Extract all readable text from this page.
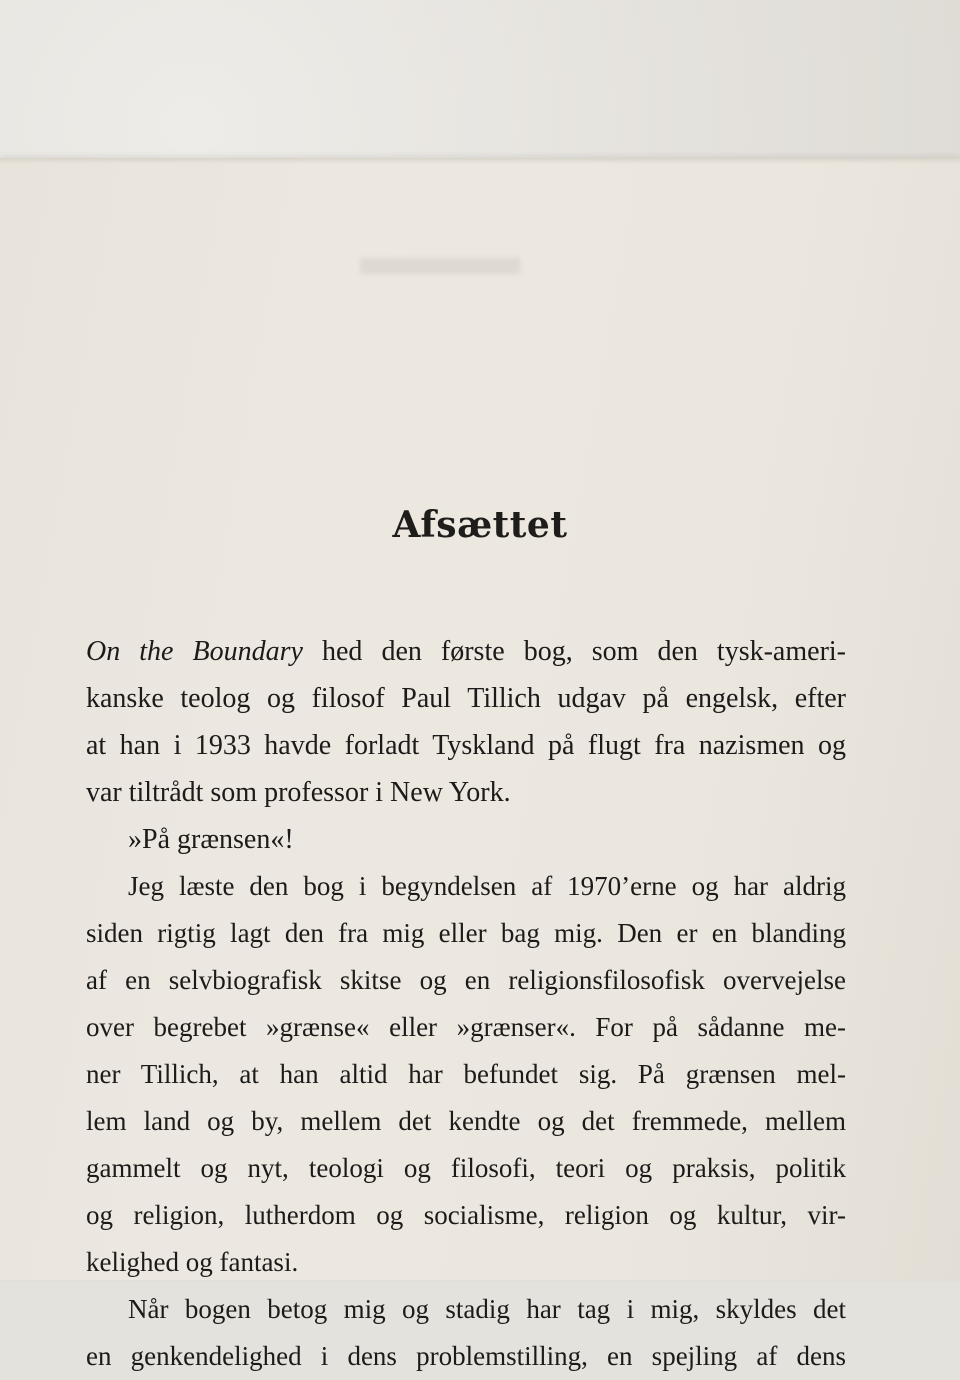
Afsættet
On the Boundary hed den første bog, som den tysk-ameri-
kanske teolog og filosof Paul Tillich udgav på engelsk, efter
at han i 1933 havde forladt Tyskland på flugt fra nazismen og
var tiltrådt som professor i New York.
»På grænsen«!
Jeg læste den bog i begyndelsen af 1970’erne og har aldrig
siden rigtig lagt den fra mig eller bag mig. Den er en blanding
af en selvbiografisk skitse og en religionsfilosofisk overvejelse
over begrebet »grænse« eller »grænser«. For på sådanne me-
ner Tillich, at han altid har befundet sig. På grænsen mel-
lem land og by, mellem det kendte og det fremmede, mellem
gammelt og nyt, teologi og filosofi, teori og praksis, politik
og religion, lutherdom og socialisme, religion og kultur, vir-
kelighed og fantasi.
Når bogen betog mig og stadig har tag i mig, skyldes det
en genkendelighed i dens problemstilling, en spejling af dens
